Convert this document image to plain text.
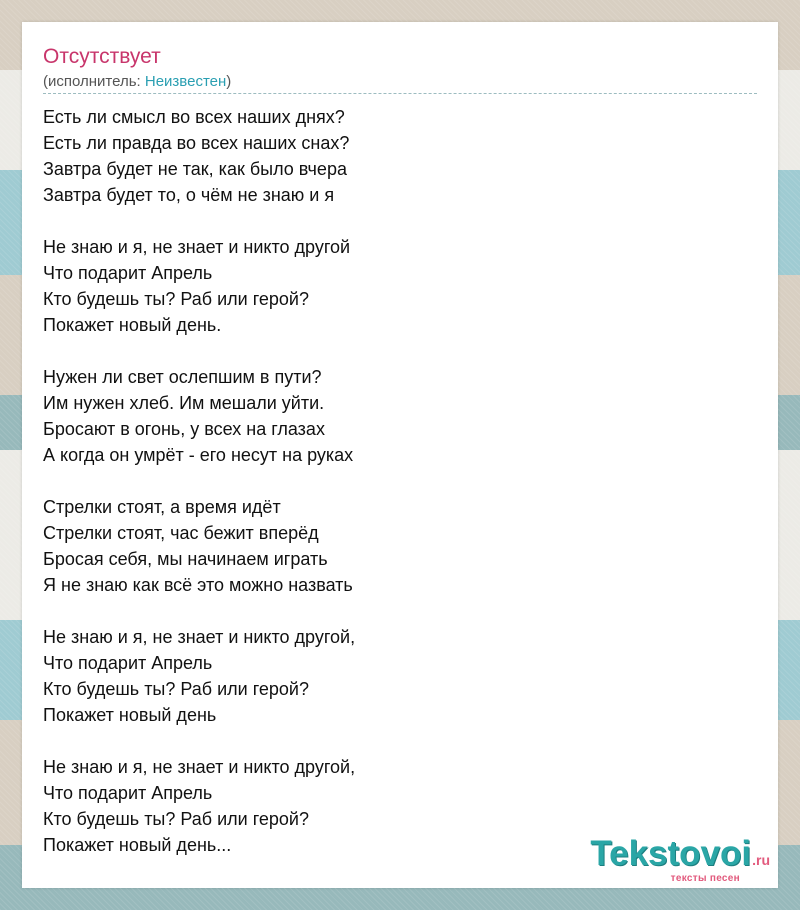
Отсутствует
(исполнитель: Неизвестен)
Есть ли смысл во всех наших днях?
Есть ли правда во всех наших снах?
Завтра будет не так, как было вчера
Завтра будет то, о чём не знаю и я
Не знаю и я, не знает и никто другой
Что подарит Апрель
Кто будешь ты? Раб или герой?
Покажет новый день.
Нужен ли свет ослепшим в пути?
Им нужен хлеб. Им мешали уйти.
Бросают в огонь, у всех на глазах
А когда он умрёт - его несут на руках
Стрелки стоят, а время идёт
Стрелки стоят, час бежит вперёд
Бросая себя, мы начинаем играть
Я не знаю как всё это можно назвать
Не знаю и я, не знает и никто другой,
Что подарит Апрель
Кто будешь ты? Раб или герой?
Покажет новый день
Не знаю и я, не знает и никто другой,
Что подарит Апрель
Кто будешь ты? Раб или герой?
Покажет новый день...	Tekstovoi.ru
тексты песен
